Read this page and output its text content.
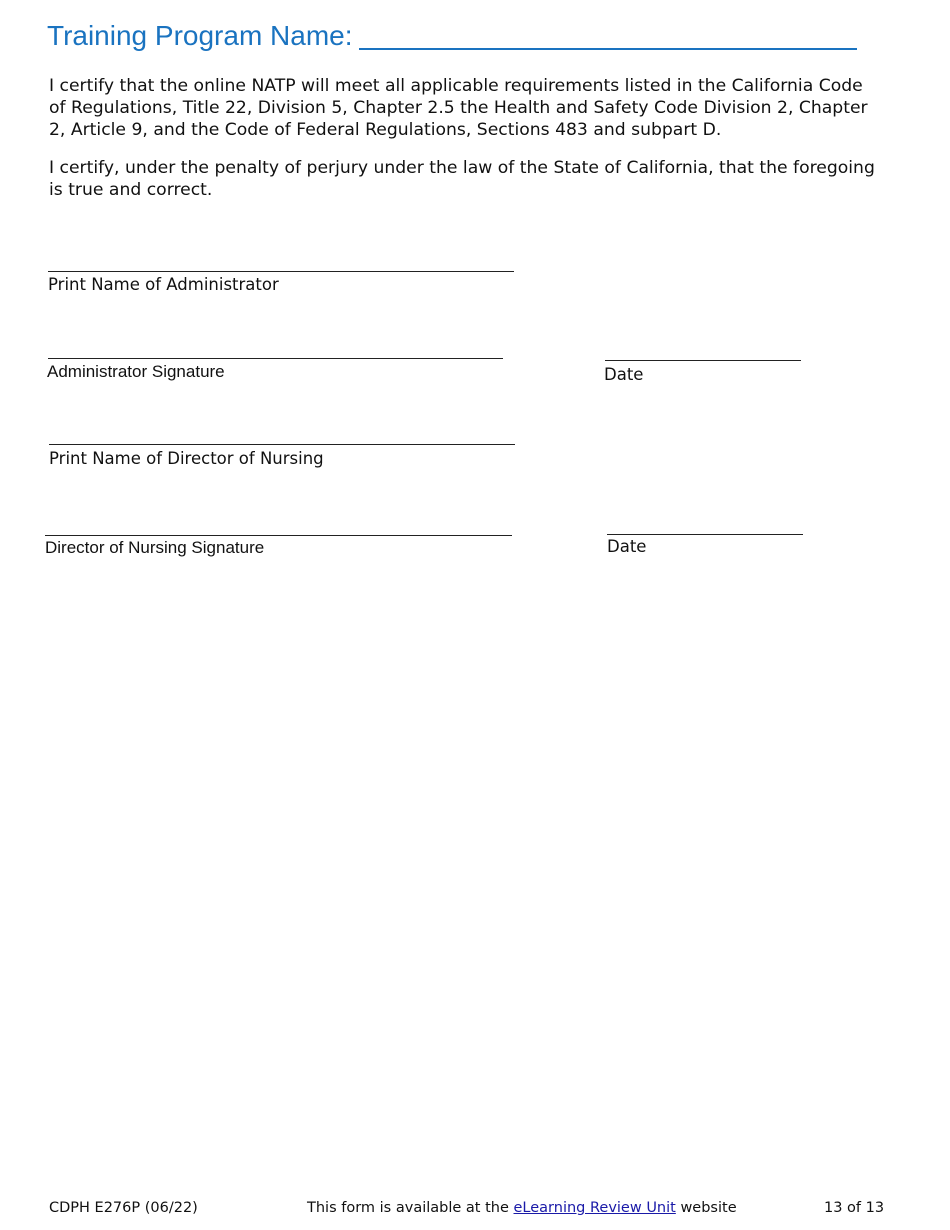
Training Program Name:

I certify that the online NATP will meet all applicable requirements listed in the California Code of Regulations, Title 22, Division 5, Chapter 2.5 the Health and Safety Code Division 2, Chapter 2, Article 9, and the Code of Federal Regulations, Sections 483 and subpart D.

I certify, under the penalty of perjury under the law of the State of California, that the foregoing is true and correct.

Print Name of Administrator
Administrator Signature	Date
Print Name of Director of Nursing
Director of Nursing Signature	Date
CDPH E276P (06/22)	This form is available at the eLearning Review Unit website	13 of 13
